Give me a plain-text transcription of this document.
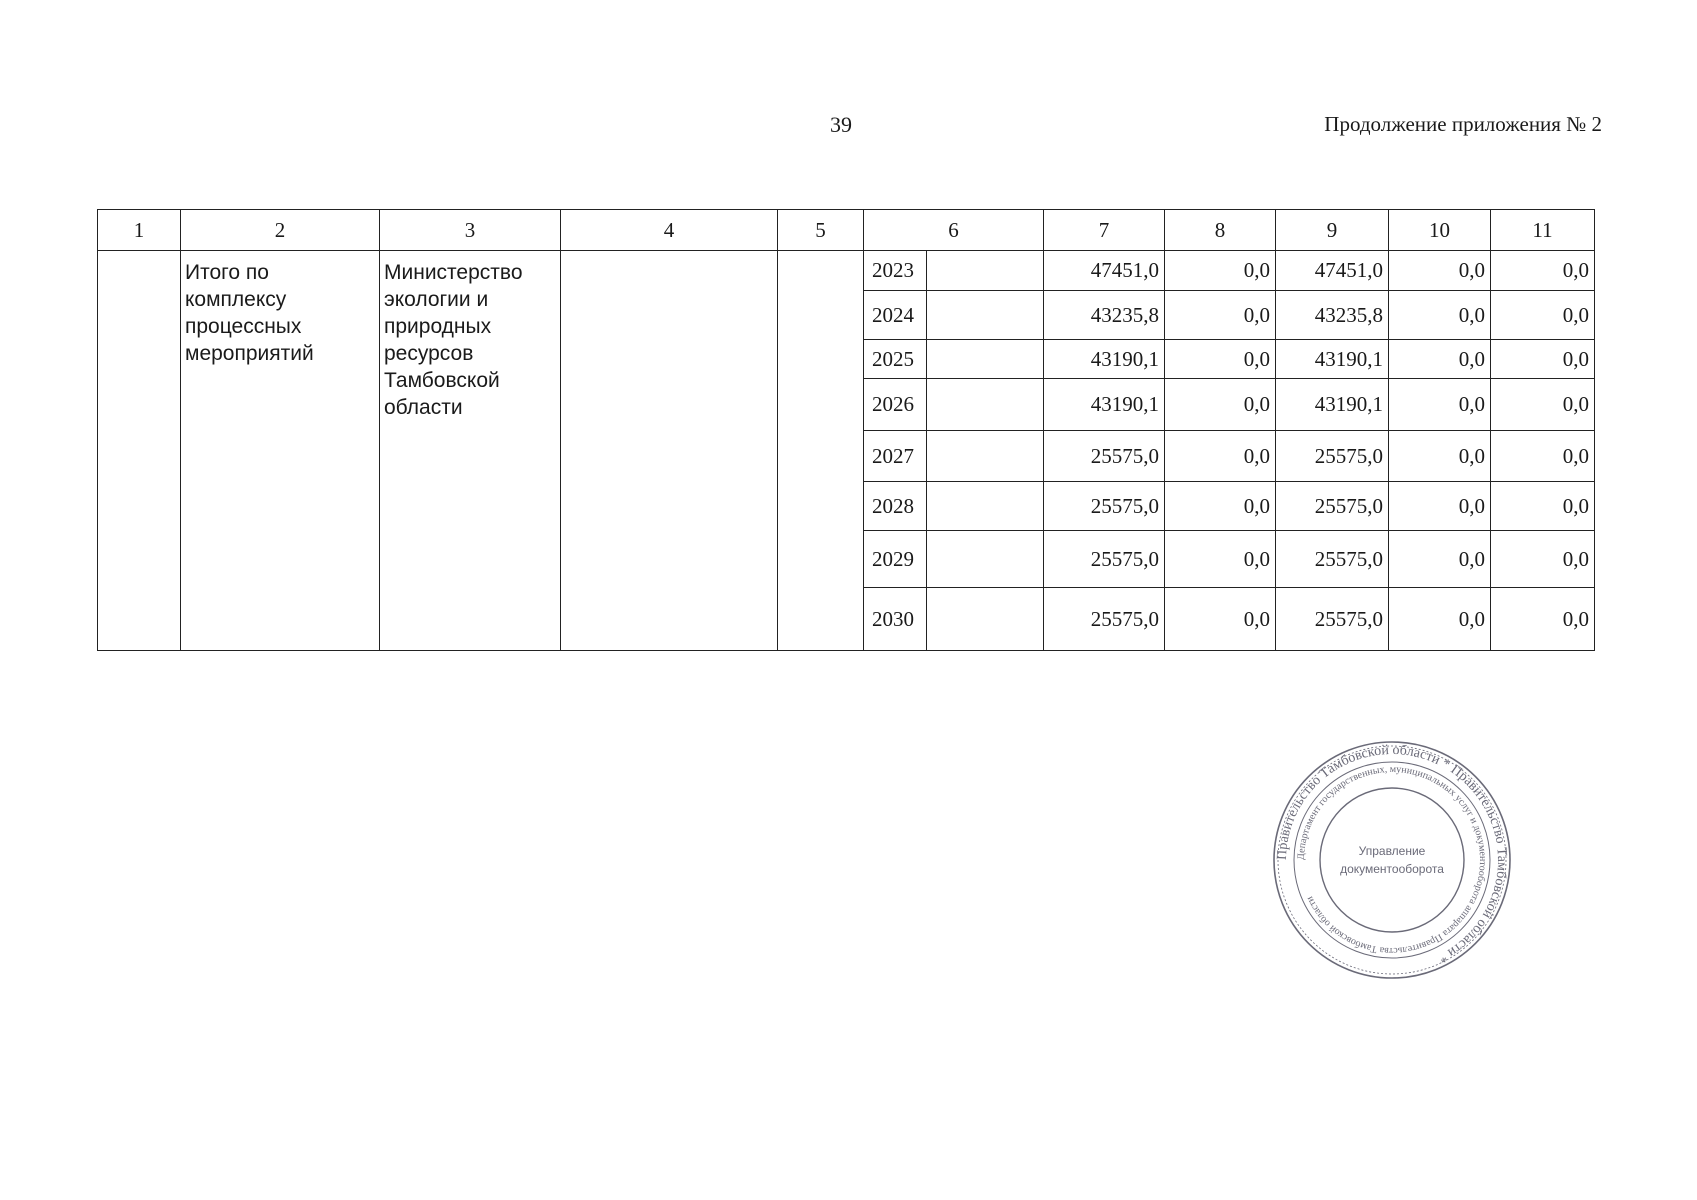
39	Продолжение приложения № 2
1	2	3	4	5	6		7	8	9	10	11
	Итого по комплексу процессных мероприятий	Министерство экологии и природных ресурсов Тамбовской области			2023		47451,0	0,0	47451,0	0,0	0,0
					2024		43235,8	0,0	43235,8	0,0	0,0
					2025		43190,1	0,0	43190,1	0,0	0,0
					2026		43190,1	0,0	43190,1	0,0	0,0
					2027		25575,0	0,0	25575,0	0,0	0,0
					2028		25575,0	0,0	25575,0	0,0	0,0
					2029		25575,0	0,0	25575,0	0,0	0,0
					2030		25575,0	0,0	25575,0	0,0	0,0
Правительство Тамбовской области * Правительство Тамбовской области *
Департамент государственных, муниципальных услуг и документооборота аппарата Правительства Тамбовской области
Управление
документооборота
